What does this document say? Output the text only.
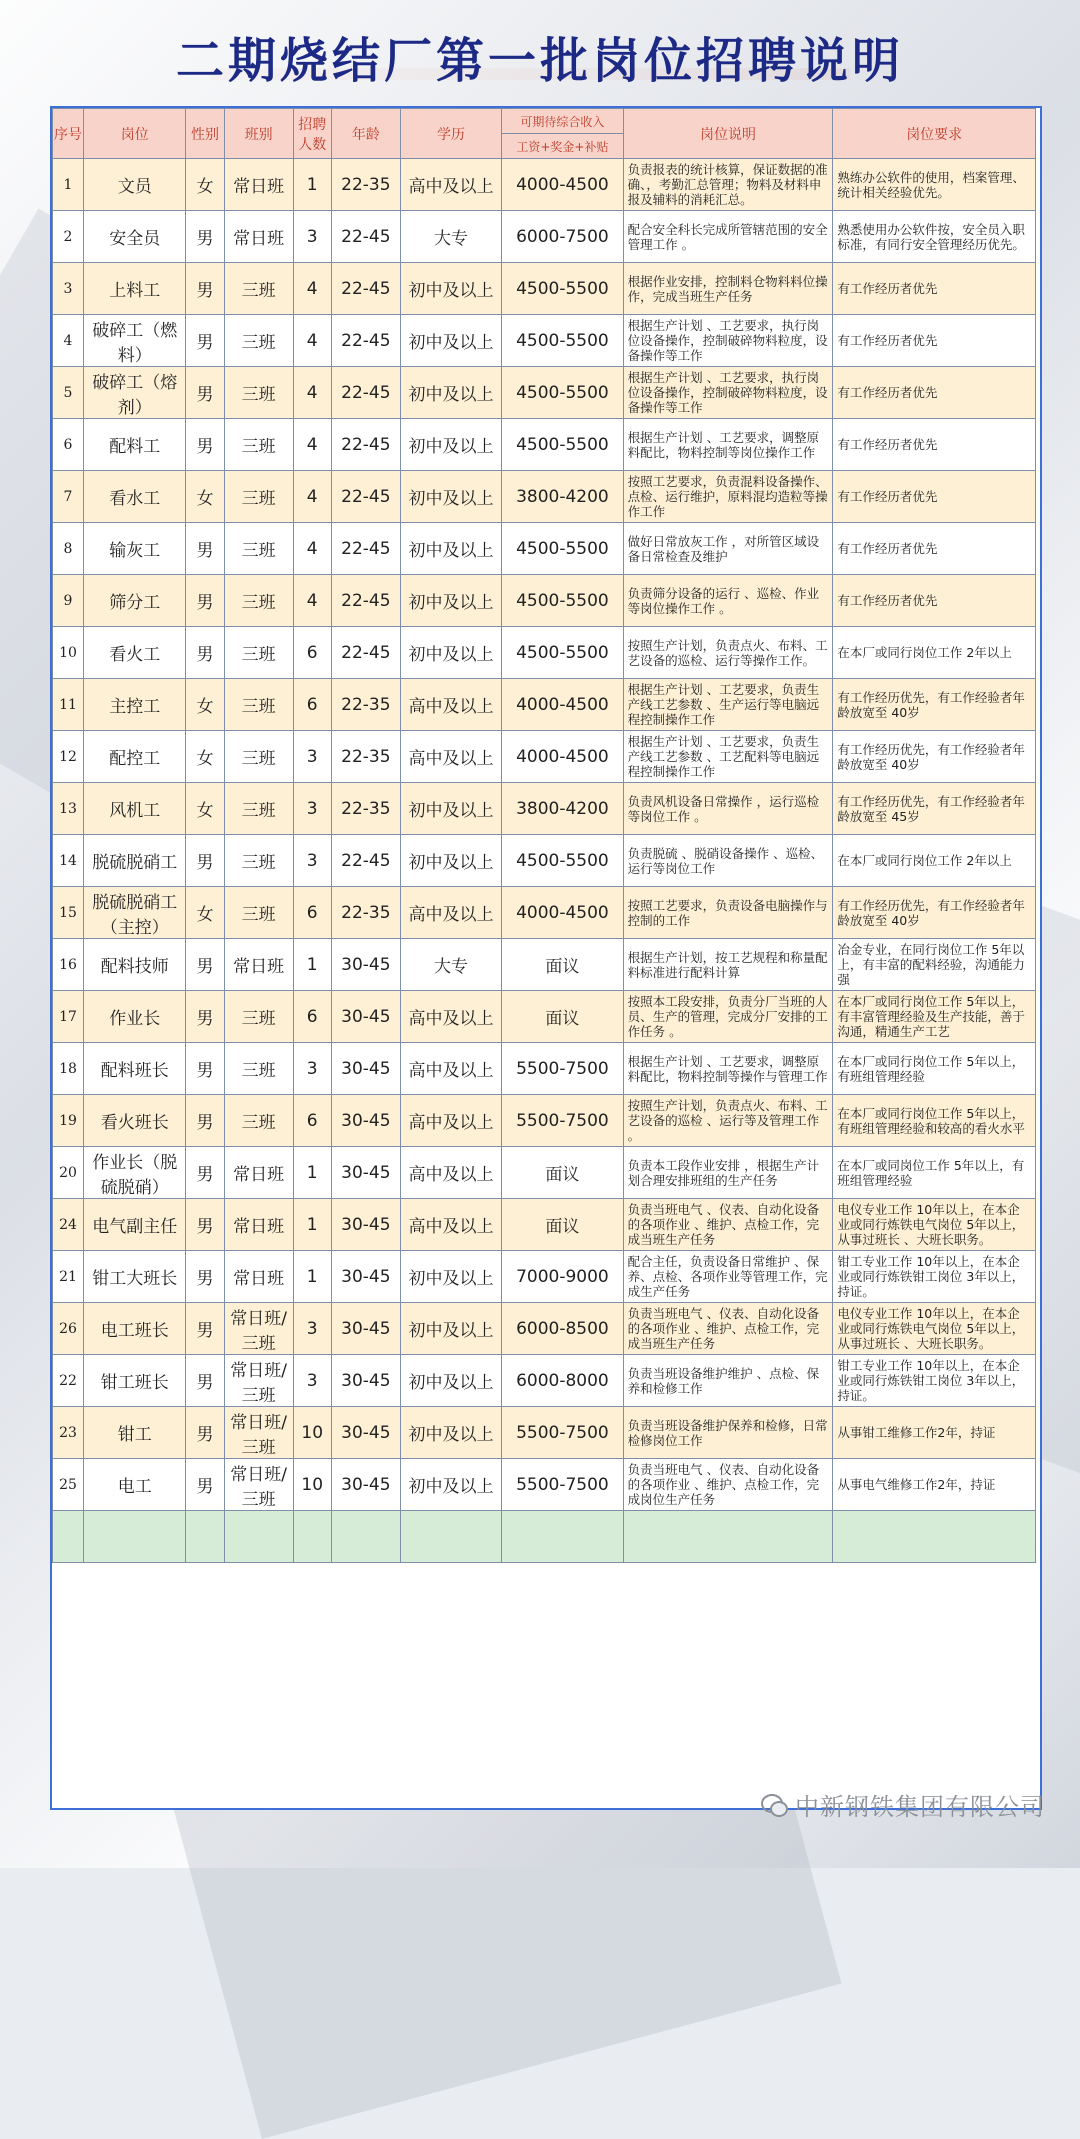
二期烧结厂第一批岗位招聘说明
序号	岗位	性别	班别	招聘人数	年龄	学历	可期待综合收入	岗位说明	岗位要求
							工资+奖金+补贴		
1	文员	女	常日班	1	22-35	高中及以上	4000-4500	负责报表的统计核算，保证数据的准确、，考勤汇总管理；物料及材料申报及辅料的消耗汇总。	熟练办公软件的使用，档案管理、统计相关经验优先。
2	安全员	男	常日班	3	22-45	大专	6000-7500	配合安全科长完成所管辖范围的安全管理工作 。	熟悉使用办公软件按，安全员入职标准，有同行安全管理经历优先。
3	上料工	男	三班	4	22-45	初中及以上	4500-5500	根据作业安排，控制料仓物料料位操作，完成当班生产任务	有工作经历者优先
4	破碎工（燃料）	男	三班	4	22-45	初中及以上	4500-5500	根据生产计划 、工艺要求，执行岗位设备操作，控制破碎物料粒度，设备操作等工作	有工作经历者优先
5	破碎工（熔剂）	男	三班	4	22-45	初中及以上	4500-5500	根据生产计划 、工艺要求，执行岗位设备操作，控制破碎物料粒度，设备操作等工作	有工作经历者优先
6	配料工	男	三班	4	22-45	初中及以上	4500-5500	根据生产计划 、工艺要求，调整原料配比，物料控制等岗位操作工作	有工作经历者优先
7	看水工	女	三班	4	22-45	初中及以上	3800-4200	按照工艺要求，负责混料设备操作、点检、运行维护，原料混均造粒等操作工作	有工作经历者优先
8	输灰工	男	三班	4	22-45	初中及以上	4500-5500	做好日常放灰工作 ，对所管区域设备日常检查及维护	有工作经历者优先
9	筛分工	男	三班	4	22-45	初中及以上	4500-5500	负责筛分设备的运行 、巡检、作业等岗位操作工作 。	有工作经历者优先
10	看火工	男	三班	6	22-45	初中及以上	4500-5500	按照生产计划，负责点火、布料、工艺设备的巡检、运行等操作工作。	在本厂或同行岗位工作 2年以上
11	主控工	女	三班	6	22-35	高中及以上	4000-4500	根据生产计划 、工艺要求，负责生产线工艺参数 、生产运行等电脑远程控制操作工作	有工作经历优先，有工作经验者年龄放宽至 40岁
12	配控工	女	三班	3	22-35	高中及以上	4000-4500	根据生产计划 、工艺要求，负责生产线工艺参数 、工艺配料等电脑远程控制操作工作	有工作经历优先，有工作经验者年龄放宽至 40岁
13	风机工	女	三班	3	22-35	初中及以上	3800-4200	负责风机设备日常操作 ，运行巡检等岗位工作 。	有工作经历优先，有工作经验者年龄放宽至 45岁
14	脱硫脱硝工	男	三班	3	22-45	初中及以上	4500-5500	负责脱硫 、脱硝设备操作 、巡检、运行等岗位工作	在本厂或同行岗位工作 2年以上
15	脱硫脱硝工（主控）	女	三班	6	22-35	高中及以上	4000-4500	按照工艺要求，负责设备电脑操作与控制的工作	有工作经历优先，有工作经验者年龄放宽至 40岁
16	配料技师	男	常日班	1	30-45	大专	面议	根据生产计划，按工艺规程和称量配料标准进行配料计算	冶金专业，在同行岗位工作 5年以上，有丰富的配料经验，沟通能力强
17	作业长	男	三班	6	30-45	高中及以上	面议	按照本工段安排，负责分厂当班的人员、生产的管理，完成分厂安排的工作任务 。	在本厂或同行岗位工作 5年以上，有丰富管理经验及生产技能，善于沟通，精通生产工艺
18	配料班长	男	三班	3	30-45	高中及以上	5500-7500	根据生产计划 、工艺要求，调整原料配比，物料控制等操作与管理工作	在本厂或同行岗位工作 5年以上，有班组管理经验
19	看火班长	男	三班	6	30-45	高中及以上	5500-7500	按照生产计划，负责点火、布料、工艺设备的巡检 、运行等及管理工作 。	在本厂或同行岗位工作 5年以上，有班组管理经验和较高的看火水平
20	作业长（脱硫脱硝）	男	常日班	1	30-45	高中及以上	面议	负责本工段作业安排 ，根据生产计划合理安排班组的生产任务	在本厂或同岗位工作 5年以上，有班组管理经验
24	电气副主任	男	常日班	1	30-45	高中及以上	面议	负责当班电气 、仪表、自动化设备的各项作业 、维护、点检工作，完成当班生产任务	电仪专业工作 10年以上，在本企业或同行炼铁电气岗位 5年以上，从事过班长 、大班长职务。
21	钳工大班长	男	常日班	1	30-45	初中及以上	7000-9000	配合主任，负责设备日常维护 、保养、点检、各项作业等管理工作，完成生产任务	钳工专业工作 10年以上，在本企业或同行炼铁钳工岗位 3年以上，持证。
26	电工班长	男	常日班/三班	3	30-45	初中及以上	6000-8500	负责当班电气 、仪表、自动化设备的各项作业 、维护、点检工作，完成当班生产任务	电仪专业工作 10年以上，在本企业或同行炼铁电气岗位 5年以上，从事过班长 、大班长职务。
22	钳工班长	男	常日班/三班	3	30-45	初中及以上	6000-8000	负责当班设备维护维护 、点检、保养和检修工作	钳工专业工作 10年以上，在本企业或同行炼铁钳工岗位 3年以上，持证。
23	钳工	男	常日班/三班	10	30-45	初中及以上	5500-7500	负责当班设备维护保养和检修，日常检修岗位工作	从事钳工维修工作2年，持证
25	电工	男	常日班/三班	10	30-45	初中及以上	5500-7500	负责当班电气 、仪表、自动化设备的各项作业 、维护、点检工作，完成岗位生产任务	从事电气维修工作2年，持证

中新钢铁集团有限公司
